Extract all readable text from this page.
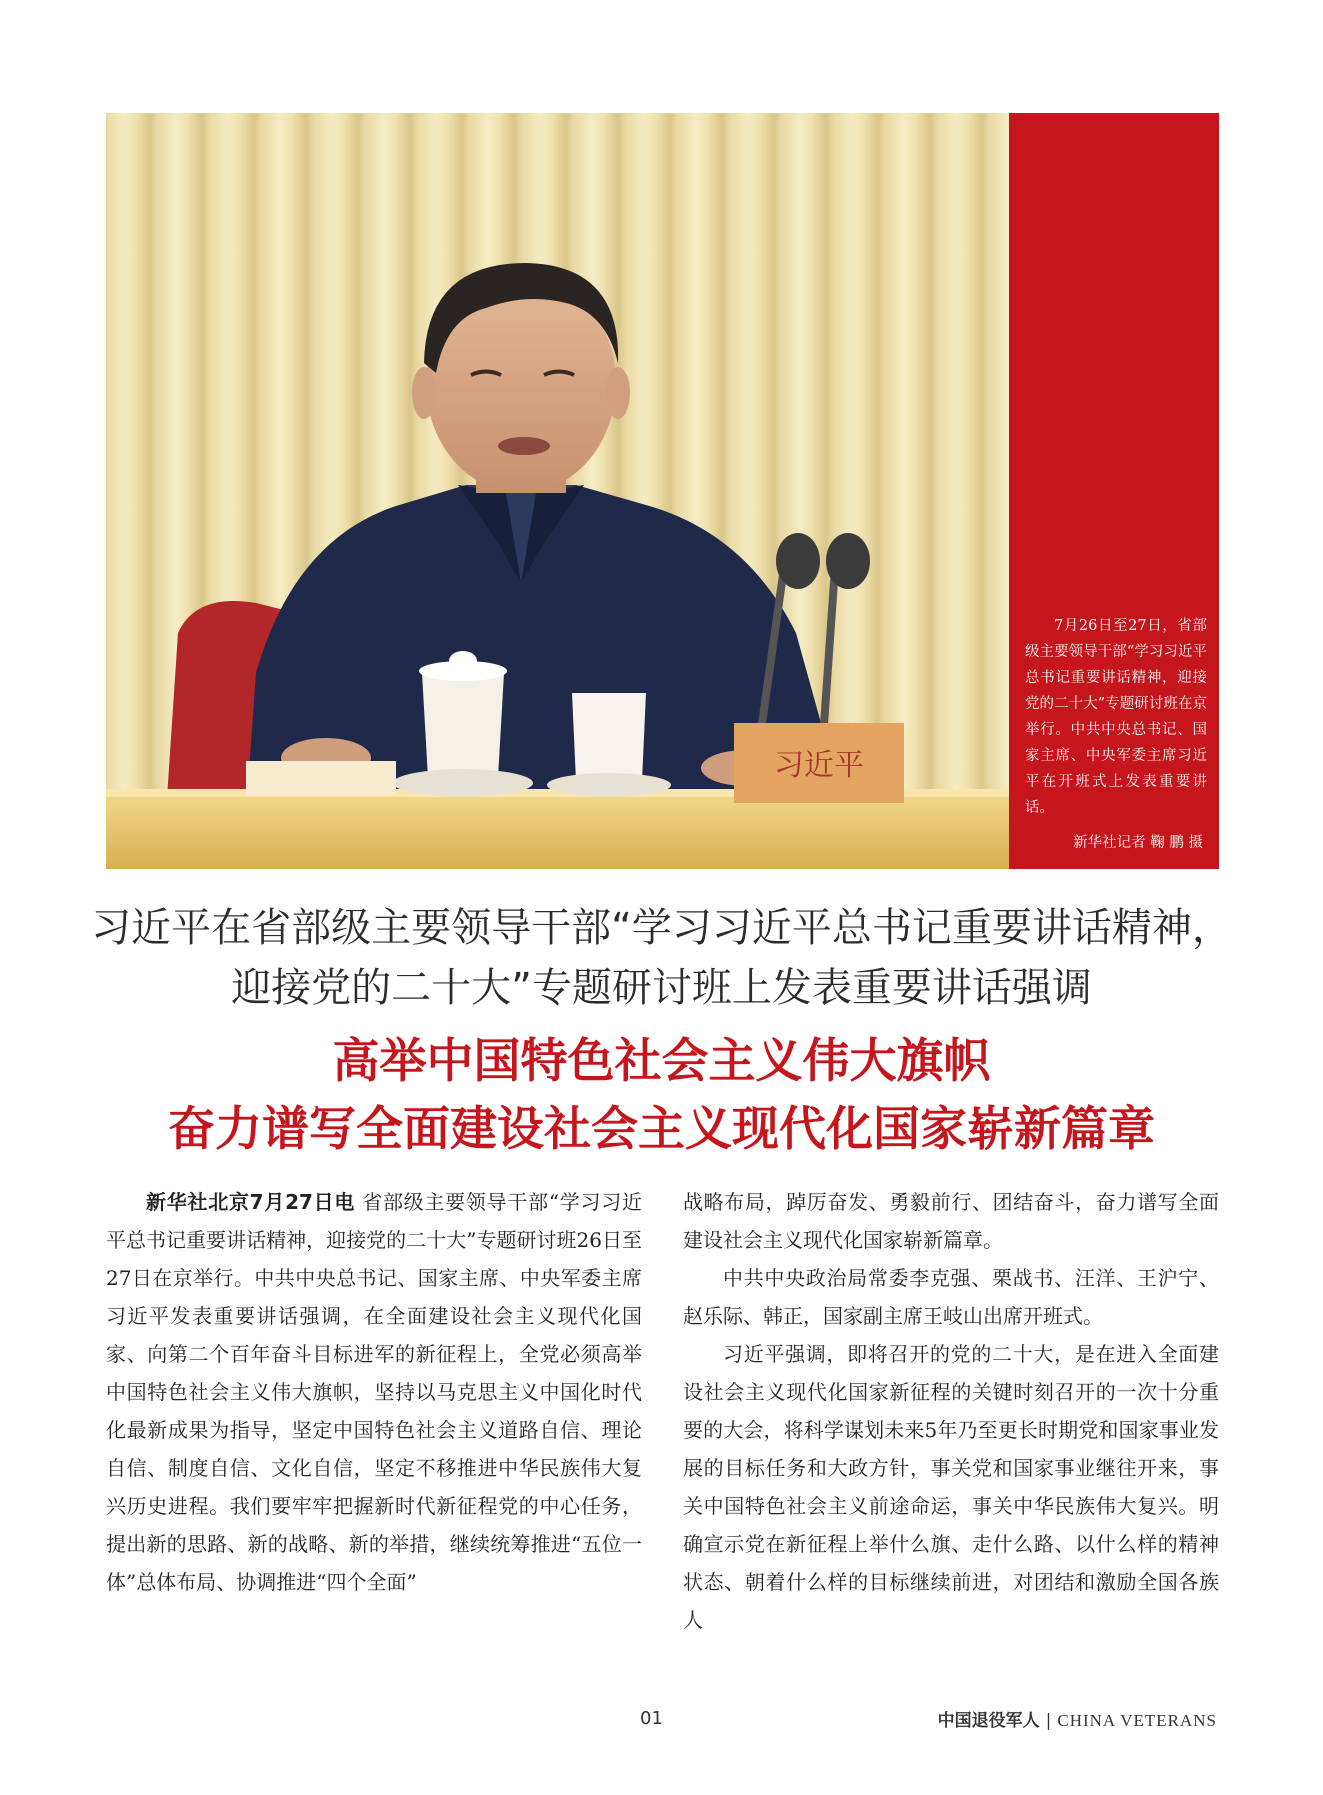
习近平
7月26日至27日，省部级主要领导干部“学习习近平总书记重要讲话精神，迎接党的二十大”专题研讨班在京举行。中共中央总书记、国家主席、中央军委主席习近平在开班式上发表重要讲话。
新华社记者 鞠 鹏 摄
习近平在省部级主要领导干部“学习习近平总书记重要讲话精神，
迎接党的二十大”专题研讨班上发表重要讲话强调
高举中国特色社会主义伟大旗帜
奋力谱写全面建设社会主义现代化国家崭新篇章

新华社北京7月27日电 省部级主要领导干部“学习习近平总书记重要讲话精神，迎接党的二十大”专题研讨班26日至27日在京举行。中共中央总书记、国家主席、中央军委主席习近平发表重要讲话强调，在全面建设社会主义现代化国家、向第二个百年奋斗目标进军的新征程上，全党必须高举中国特色社会主义伟大旗帜，坚持以马克思主义中国化时代化最新成果为指导，坚定中国特色社会主义道路自信、理论自信、制度自信、文化自信，坚定不移推进中华民族伟大复兴历史进程。我们要牢牢把握新时代新征程党的中心任务，提出新的思路、新的战略、新的举措，继续统筹推进“五位一体”总体布局、协调推进“四个全面”

战略布局，踔厉奋发、勇毅前行、团结奋斗，奋力谱写全面建设社会主义现代化国家崭新篇章。

中共中央政治局常委李克强、栗战书、汪洋、王沪宁、赵乐际、韩正，国家副主席王岐山出席开班式。

习近平强调，即将召开的党的二十大，是在进入全面建设社会主义现代化国家新征程的关键时刻召开的一次十分重要的大会，将科学谋划未来5年乃至更长时期党和国家事业发展的目标任务和大政方针，事关党和国家事业继往开来，事关中国特色社会主义前途命运，事关中华民族伟大复兴。明确宣示党在新征程上举什么旗、走什么路、以什么样的精神状态、朝着什么样的目标继续前进，对团结和激励全国各族人

01	中国退役军人 | CHINA VETERANS
